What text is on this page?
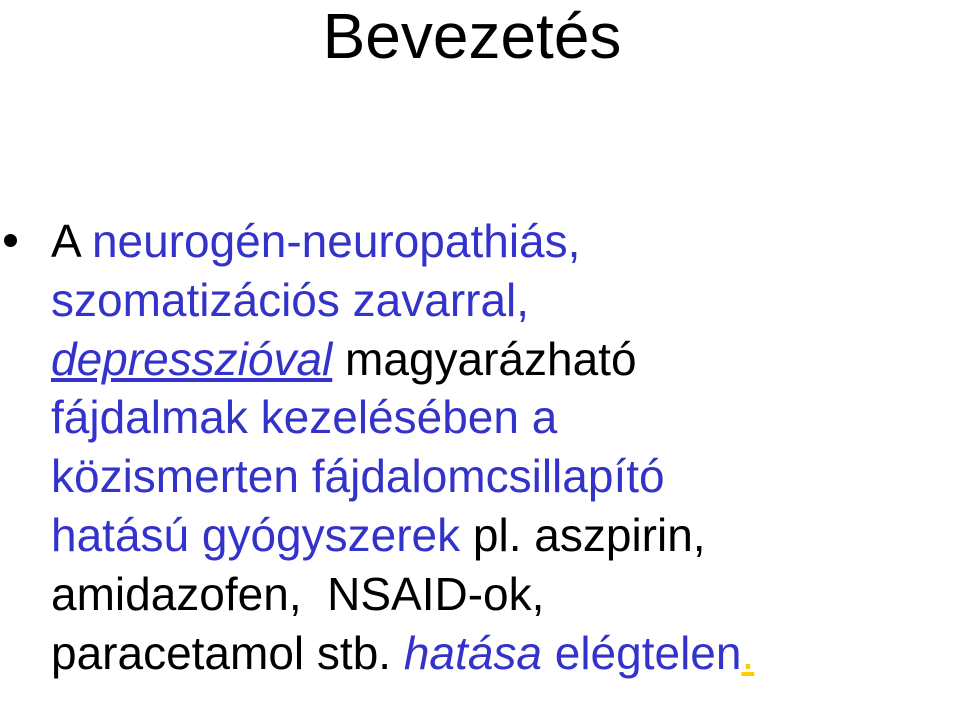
Bevezetés
A neurogén-neuropathiás,
szomatizációs zavarral,
depresszióval magyarázható
fájdalmak kezelésében a
közismerten fájdalomcsillapító
hatású gyógyszerek pl. aszpirin,
amidazofen,  NSAID-ok,
paracetamol stb. hatása elégtelen.
